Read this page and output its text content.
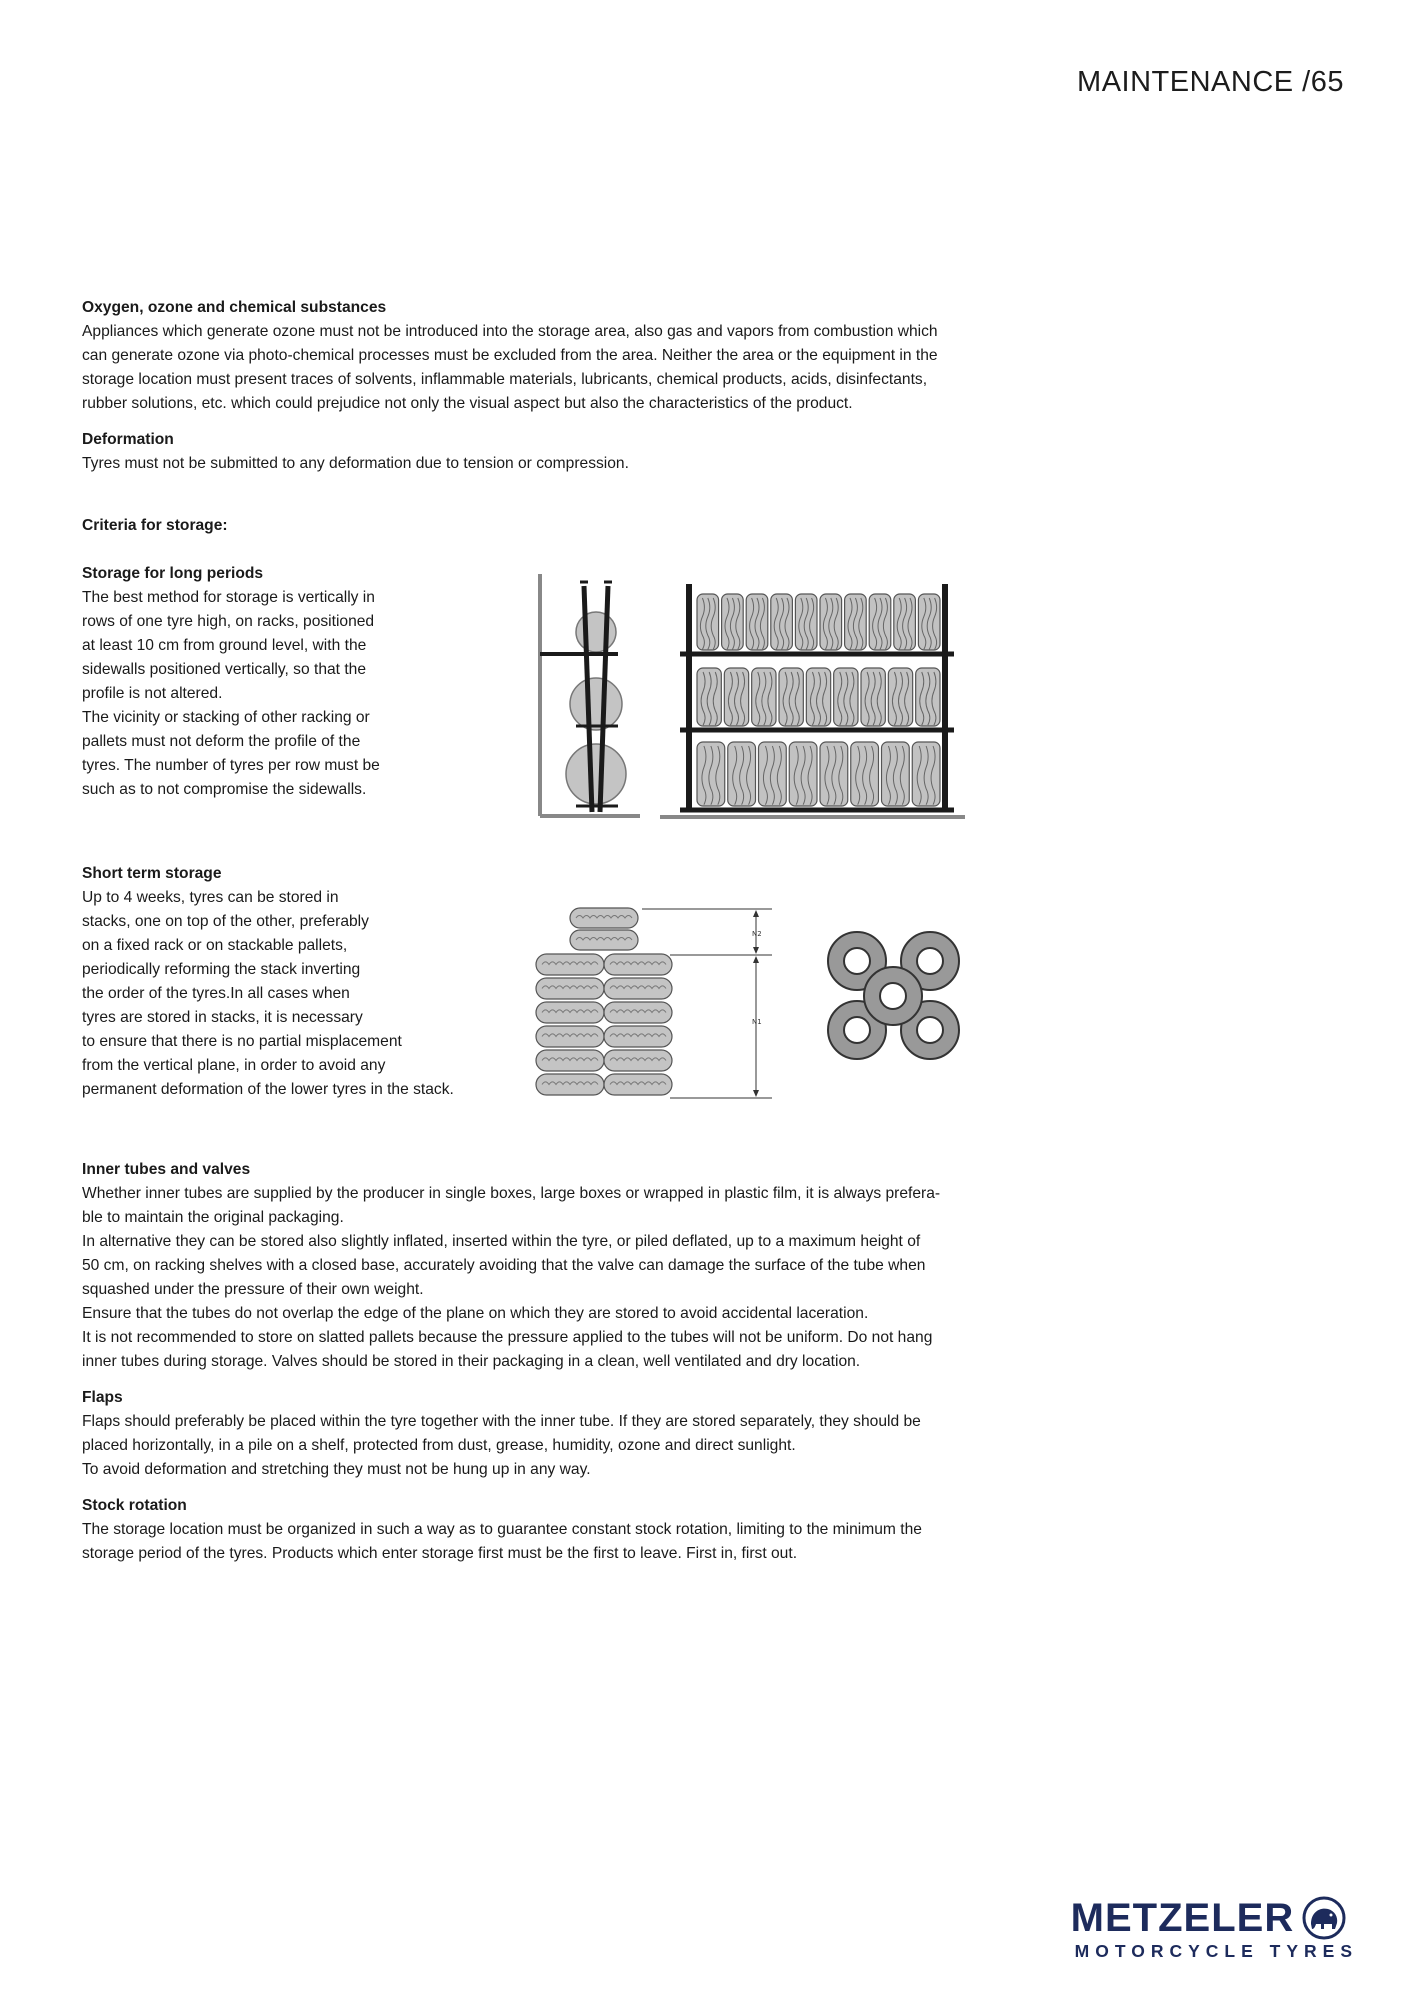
MAINTENANCE /65
Oxygen, ozone and chemical substances
Appliances which generate ozone must not be introduced into the storage area, also gas and vapors from combustion which
can generate ozone via photo-chemical processes must be excluded from the area. Neither the area or the equipment in the
storage location must present traces of solvents, inflammable materials, lubricants, chemical products, acids, disinfectants,
rubber solutions, etc. which could prejudice not only the visual aspect but also the characteristics of the product.
Deformation
Tyres must not be submitted to any deformation due to tension or compression.
Criteria for storage:
Storage for long periods
The best method for storage is vertically in
rows of one tyre high, on racks, positioned
at least 10 cm from ground level, with the
sidewalls positioned vertically, so that the
profile is not altered.
The vicinity or stacking of other racking or
pallets must not deform the profile of the
tyres. The number of tyres per row must be
such as to not compromise the sidewalls.
Short term storage
Up to 4 weeks, tyres can be stored in
stacks, one on top of the other, preferably
on a fixed rack or on stackable pallets,
periodically reforming the stack inverting
the order of the tyres.In all cases when
tyres are stored in stacks, it is necessary
to ensure that there is no partial misplacement
from the vertical plane, in order to avoid any
permanent deformation of the lower tyres in the stack.
N2
N1
Inner tubes and valves
Whether inner tubes are supplied by the producer in single boxes, large boxes or wrapped in plastic film, it is always prefera-
ble to maintain the original packaging.
In alternative they can be stored also slightly inflated, inserted within the tyre, or piled deflated, up to a maximum height of
50 cm, on racking shelves with a closed base, accurately avoiding that the valve can damage the surface of the tube when
squashed under the pressure of their own weight.
Ensure that the tubes do not overlap the edge of the plane on which they are stored to avoid accidental laceration.
It is not recommended to store on slatted pallets because the pressure applied to the tubes will not be uniform. Do not hang
inner tubes during storage. Valves should be stored in their packaging in a clean, well ventilated and dry location.
Flaps
Flaps should preferably be placed within the tyre together with the inner tube. If they are stored separately, they should be
placed horizontally, in a pile on a shelf, protected from dust, grease, humidity, ozone and direct sunlight.
To avoid deformation and stretching they must not be hung up in any way.
Stock rotation
The storage location must be organized in such a way as to guarantee constant stock rotation, limiting to the minimum the
storage period of the tyres. Products which enter storage first must be the first to leave. First in, first out.
METZELER
MOTORCYCLE TYRES
